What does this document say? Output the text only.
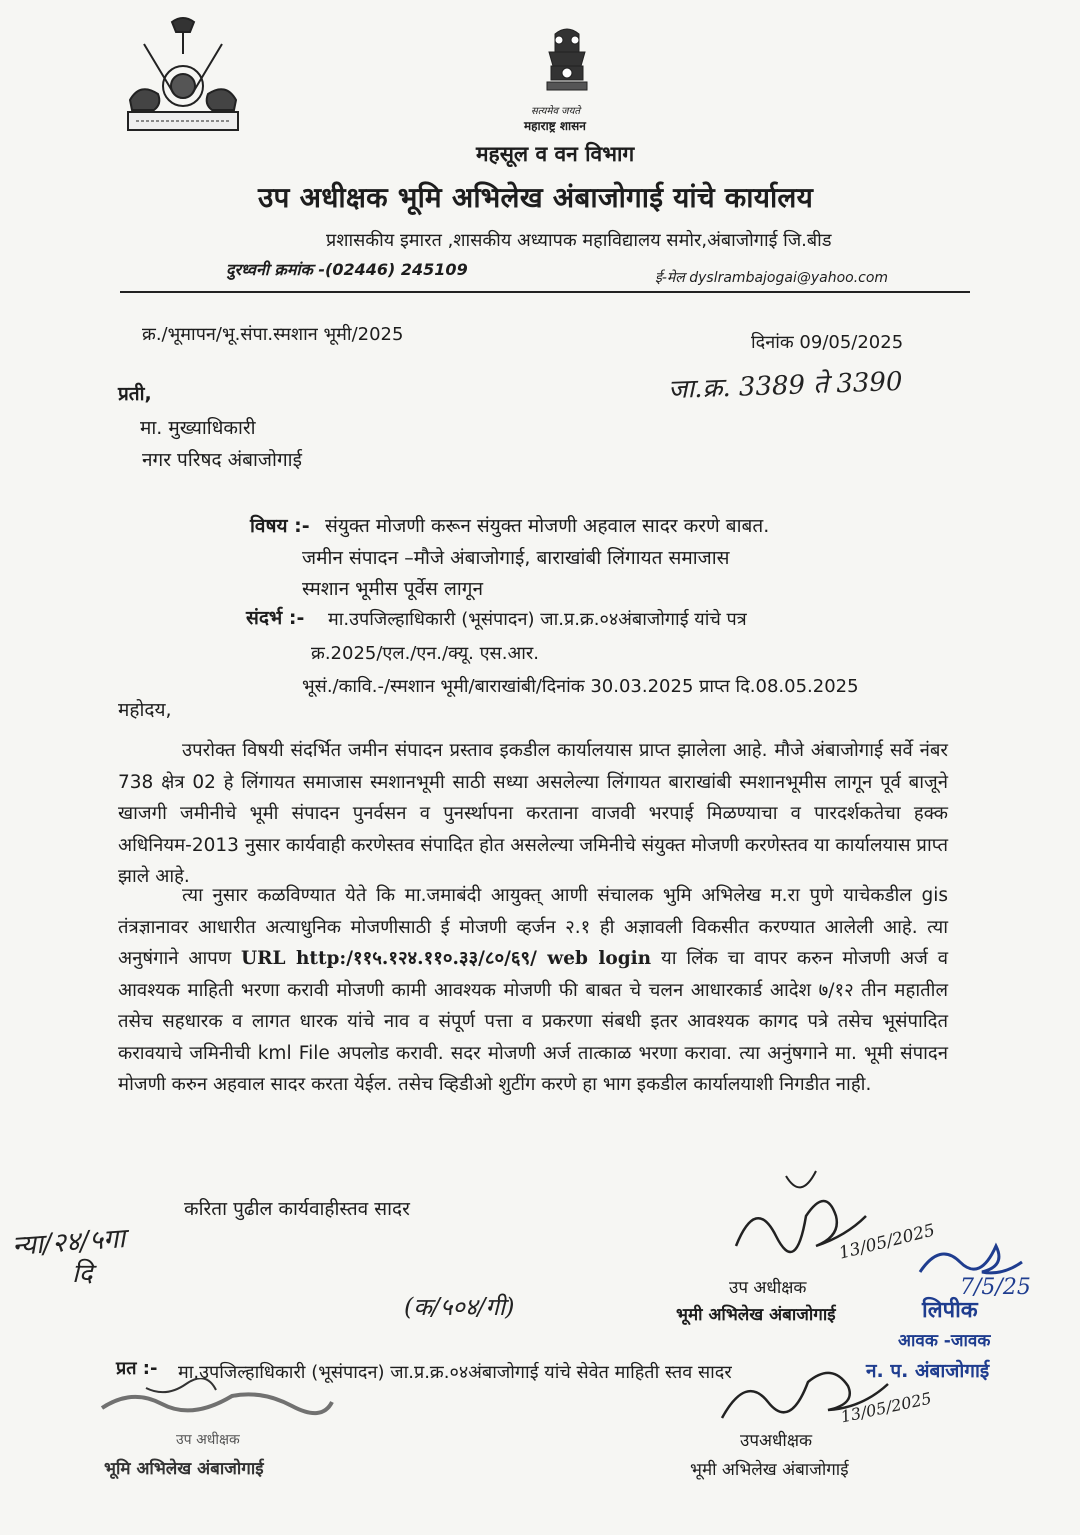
सत्यमेव जयते
महाराष्ट्र शासन
महसूल व वन विभाग
उप अधीक्षक भूमि अभिलेख अंबाजोगाई यांचे कार्यालय
प्रशासकीय इमारत ,शासकीय अध्यापक महाविद्यालय समोर,अंबाजोगाई जि.बीड
दुरध्वनी क्रमांक -(02446) 245109	ई-मेल dyslrambajogai@yahoo.com
क्र./भूमापन/भू.संपा.स्मशान भूमी/2025	दिनांक 09/05/2025
जा.क्र. 3389 ते 3390
प्रती,
मा. मुख्याधिकारी
नगर परिषद अंबाजोगाई
विषय :- संयुक्त मोजणी करून संयुक्त मोजणी अहवाल सादर करणे बाबत.
जमीन संपादन –मौजे अंबाजोगाई, बाराखांबी लिंगायत समाजास
स्मशान भूमीस पूर्वेस लागून
संदर्भ :- मा.उपजिल्हाधिकारी (भूसंपादन) जा.प्र.क्र.०४अंबाजोगाई यांचे पत्र
क्र.2025/एल./एन./क्यू. एस.आर.
भूसं./कावि.-/स्मशान भूमी/बाराखांबी/दिनांक 30.03.2025 प्राप्त दि.08.05.2025
महोदय,
उपरोक्त विषयी संदर्भित जमीन संपादन प्रस्ताव इकडील कार्यालयास प्राप्त झालेला आहे. मौजे अंबाजोगाई सर्वे नंबर 738 क्षेत्र 02 हे लिंगायत समाजास स्मशानभूमी साठी सध्या असलेल्या लिंगायत बाराखांबी स्मशानभूमीस लागून पूर्व बाजूने खाजगी जमीनीचे भूमी संपादन पुनर्वसन व पुनर्स्थापना करताना वाजवी भरपाई मिळण्याचा व पारदर्शकतेचा हक्क अधिनियम-2013 नुसार कार्यवाही करणेस्तव संपादित होत असलेल्या जमिनीचे संयुक्त मोजणी करणेस्तव या कार्यालयास प्राप्त झाले आहे.
त्या नुसार कळविण्यात येते कि मा.जमाबंदी आयुक्त् आणी संचालक भुमि अभिलेख म.रा पुणे याचेकडील gis तंत्रज्ञानावर आधारीत अत्याधुनिक मोजणीसाठी ई मोजणी व्हर्जन २.१ ही अज्ञावली विकसीत करण्यात आलेली आहे. त्या अनुषंगाने आपण URL http:/११५.१२४.११०.३३/८०/६९/ web login या लिंक चा वापर करुन मोजणी अर्ज व आवश्यक माहिती भरणा करावी मोजणी कामी आवश्यक मोजणी फी बाबत चे चलन आधारकार्ड आदेश ७/१२ तीन महातील तसेच सहधारक व लागत धारक यांचे नाव व संपूर्ण पत्ता व प्रकरणा संबधी इतर आवश्यक कागद पत्रे तसेच भूसंपादित करावयाचे जमिनीची kml File अपलोड करावी. सदर मोजणी अर्ज तात्काळ भरणा करावा. त्या अनुंषगाने मा. भूमी संपादन मोजणी करुन अहवाल सादर करता येईल. तसेच व्हिडीओ शुटींग करणे हा भाग इकडील कार्यालयाशी निगडीत नाही.
करिता पुढील कार्यवाहीस्तव सादर
न्या/२४/५गा
दि
(क/५०४/गी)
13/05/2025
उप अधीक्षक
भूमी अभिलेख अंबाजोगाई
7/5/25
लिपीक
आवक -जावक
न. प. अंबाजोगाई
प्रत :- मा.उपजिल्हाधिकारी (भूसंपादन) जा.प्र.क्र.०४अंबाजोगाई यांचे सेवेत माहिती स्तव सादर
उप अधीक्षक
भूमि अभिलेख अंबाजोगाई
13/05/2025
उपअधीक्षक
भूमी अभिलेख अंबाजोगाई
